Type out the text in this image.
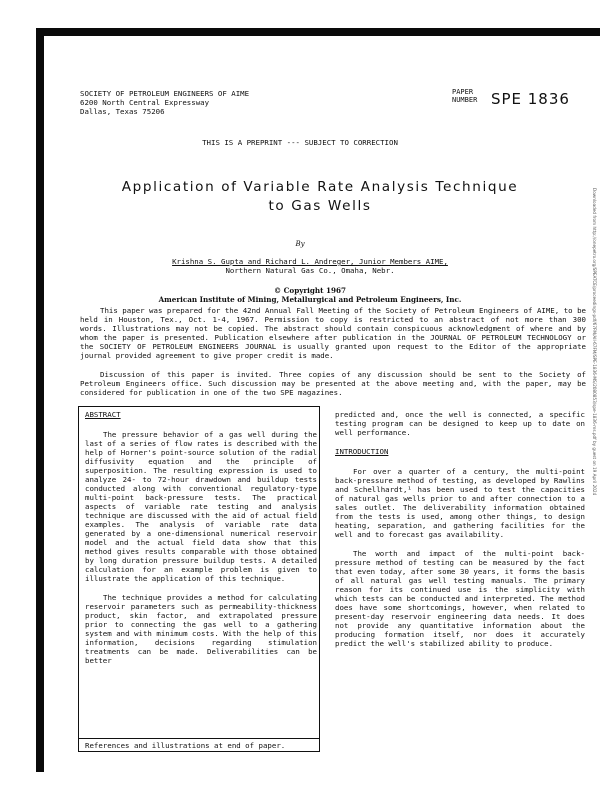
SOCIETY OF PETROLEUM ENGINEERS OF AIME
6200 North Central Expressway
Dallas, Texas 75206
PAPER
NUMBER SPE 1836
THIS IS A PREPRINT --- SUBJECT TO CORRECTION
Application of Variable Rate Analysis Technique
to Gas Wells
By
Krishna S. Gupta and Richard L. Andreger, Junior Members AIME,
Northern Natural Gas Co., Omaha, Nebr.
© Copyright 1967
American Institute of Mining, Metallurgical and Petroleum Engineers, Inc.

This paper was prepared for the 42nd Annual Fall Meeting of the Society of Petroleum Engineers of AIME, to be held in Houston, Tex., Oct. 1-4, 1967. Permission to copy is restricted to an abstract of not more than 300 words. Illustrations may not be copied. The abstract should contain conspicuous acknowledgment of where and by whom the paper is presented. Publication elsewhere after publication in the JOURNAL OF PETROLEUM TECHNOLOGY or the SOCIETY OF PETROLEUM ENGINEERS JOURNAL is usually granted upon request to the Editor of the appropriate journal provided agreement to give proper credit is made.

Discussion of this paper is invited. Three copies of any discussion should be sent to the Society of Petroleum Engineers office. Such discussion may be presented at the above meeting and, with the paper, may be considered for publication in one of the two SPE magazines.

ABSTRACT

The pressure behavior of a gas well during the last of a series of flow rates is described with the help of Horner's point-source solution of the radial diffusivity equation and the principle of superposition. The resulting expression is used to analyze 24- to 72-hour drawdown and buildup tests conducted along with conventional regulatory-type multi-point back-pressure tests. The practical aspects of variable rate testing and analysis technique are discussed with the aid of actual field examples. The analysis of variable rate data generated by a one-dimensional numerical reservoir model and the actual field data show that this method gives results comparable with those obtained by long duration pressure buildup tests. A detailed calculation for an example problem is given to illustrate the application of this technique.

The technique provides a method for calculating reservoir parameters such as permeability-thickness product, skin factor, and extrapolated pressure prior to connecting the gas well to a gathering system and with minimum costs. With the help of this information, decisions regarding stimulation treatments can be made. Deliverabilities can be better

References and illustrations at end of paper.

predicted and, once the well is connected, a specific testing program can be designed to keep up to date on well performance.

INTRODUCTION

For over a quarter of a century, the multi-point back-pressure method of testing, as developed by Rawlins and Schellhardt,¹ has been used to test the capacities of natural gas wells prior to and after connection to a sales outlet. The deliverability information obtained from the tests is used, among other things, to design heating, separation, and gathering facilities for the well and to forecast gas availability.

The worth and impact of the multi-point back-pressure method of testing can be measured by the fact that even today, after some 30 years, it forms the basis of all natural gas well testing manuals. The primary reason for its continued use is the simplicity with which tests can be conducted and interpreted. The method does have some shortcomings, however, when related to present-day reservoir engineering data needs. It does not provide any quantitative information about the producing formation itself, nor does it accurately predict the well's stabilized ability to produce.

Downloaded from http://onepetro.org/SPEATCE/proceedings-pdf/67FM/All-67FM/SPE-1836-MS/2080853/spe-1836-ms.pdf by guest on 19 April 2024
